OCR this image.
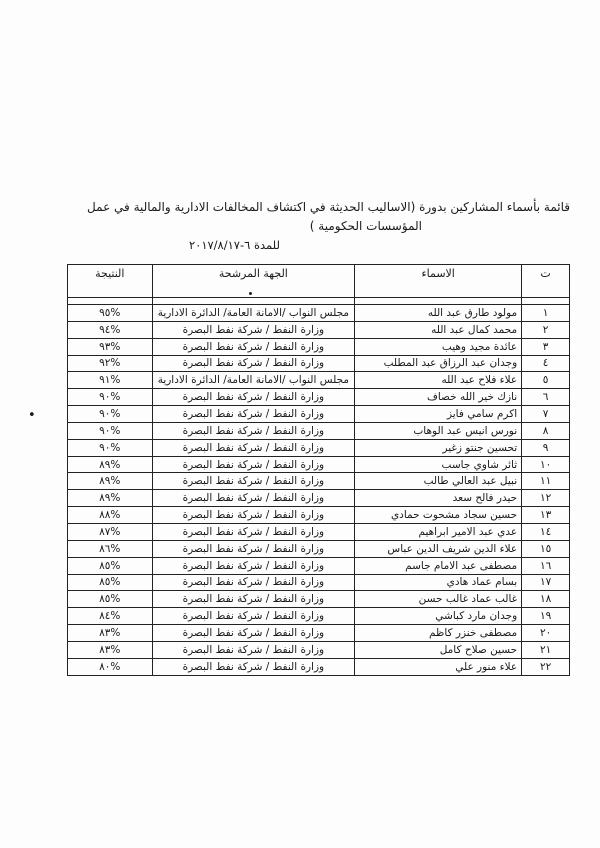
قائمة بأسماء المشاركين بدورة (الاساليب الحديثة في اكتشاف المخالفات الادارية والمالية في عمل
المؤسسات الحكومية )
للمدة ٦-٢٠١٧/٨/١٧
•
ت	الاسماء	الجهة المرشحة	النتيجة

١	مولود طارق عبد الله	مجلس النواب /الامانة العامة/ الدائرة الادارية	%٩٥
٢	محمد كمال عبد الله	وزارة النفط / شركة نفط البصرة	%٩٤
٣	عائدة مجيد وهيب	وزارة النفط / شركة نفط البصرة	%٩٣
٤	وجدان عبد الرزاق عبد المطلب	وزارة النفط / شركة نفط البصرة	%٩٢
٥	علاء فلاح عبد الله	مجلس النواب /الامانة العامة/ الدائرة الادارية	%٩١
٦	نازك خير الله خصاف	وزارة النفط / شركة نفط البصرة	%٩٠
٧	اكرم سامي فايز	وزارة النفط / شركة نفط البصرة	%٩٠
٨	نورس انيس عبد الوهاب	وزارة النفط / شركة نفط البصرة	%٩٠
٩	تحسين جنتو زغير	وزارة النفط / شركة نفط البصرة	%٩٠
١٠	ثائر شاوي جاسب	وزارة النفط / شركة نفط البصرة	%٨٩
١١	نبيل عبد العالي طالب	وزارة النفط / شركة نفط البصرة	%٨٩
١٢	حيدر فالح سعد	وزارة النفط / شركة نفط البصرة	%٨٩
١٣	حسين سجاد مشحوت حمادي	وزارة النفط / شركة نفط البصرة	%٨٨
١٤	عدي عبد الامير ابراهيم	وزارة النفط / شركة نفط البصرة	%٨٧
١٥	علاء الدين شريف الدين عباس	وزارة النفط / شركة نفط البصرة	%٨٦
١٦	مصطفى عبد الامام جاسم	وزارة النفط / شركة نفط البصرة	%٨٥
١٧	بسام عماد هادي	وزارة النفط / شركة نفط البصرة	%٨٥
١٨	غالب عماد غالب حسن	وزارة النفط / شركة نفط البصرة	%٨٥
١٩	وجدان مارد كباشي	وزارة النفط / شركة نفط البصرة	%٨٤
٢٠	مصطفى خنزر كاظم	وزارة النفط / شركة نفط البصرة	%٨٣
٢١	حسين صلاح كامل	وزارة النفط / شركة نفط البصرة	%٨٣
٢٢	علاء منور علي	وزارة النفط / شركة نفط البصرة	%٨٠
